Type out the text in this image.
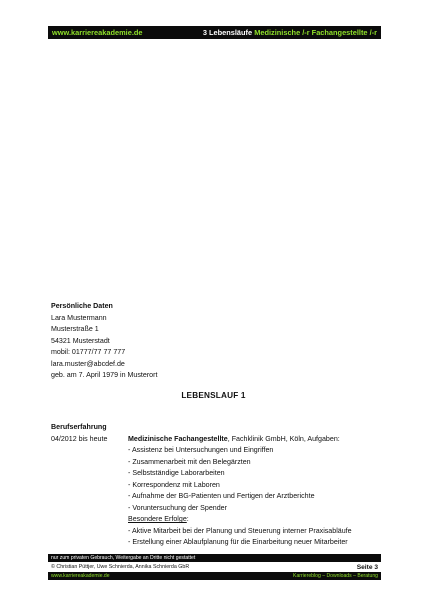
www.karriereakademie.de	3 Lebensläufe Medizinische /-r Fachangestellte /-r
Persönliche Daten
Lara Mustermann
Musterstraße 1
54321 Musterstadt
mobil: 01777/77 77 777
lara.muster@abcdef.de
geb. am 7. April 1979 in Musterort
LEBENSLAUF 1
Berufserfahrung
04/2012 bis heute	Medizinische Fachangestellte, Fachklinik GmbH, Köln, Aufgaben:
- Assistenz bei Untersuchungen und Eingriffen
- Zusammenarbeit mit den Belegärzten
- Selbstständige Laborarbeiten
- Korrespondenz mit Laboren
- Aufnahme der BG-Patienten und Fertigen der Arztberichte
- Voruntersuchung der Spender
Besondere Erfolge:
- Aktive Mitarbeit bei der Planung und Steuerung interner Praxisabläufe
- Erstellung einer Ablaufplanung für die Einarbeitung neuer Mitarbeiter
nur zum privaten Gebrauch, Weitergabe an Dritte nicht gestattet
© Christian Püttjer, Uwe Schnierda, Annika Schnierda GbR	Seite 3
www.karriereakademie.de	Karriereblog – Downloads – Beratung
